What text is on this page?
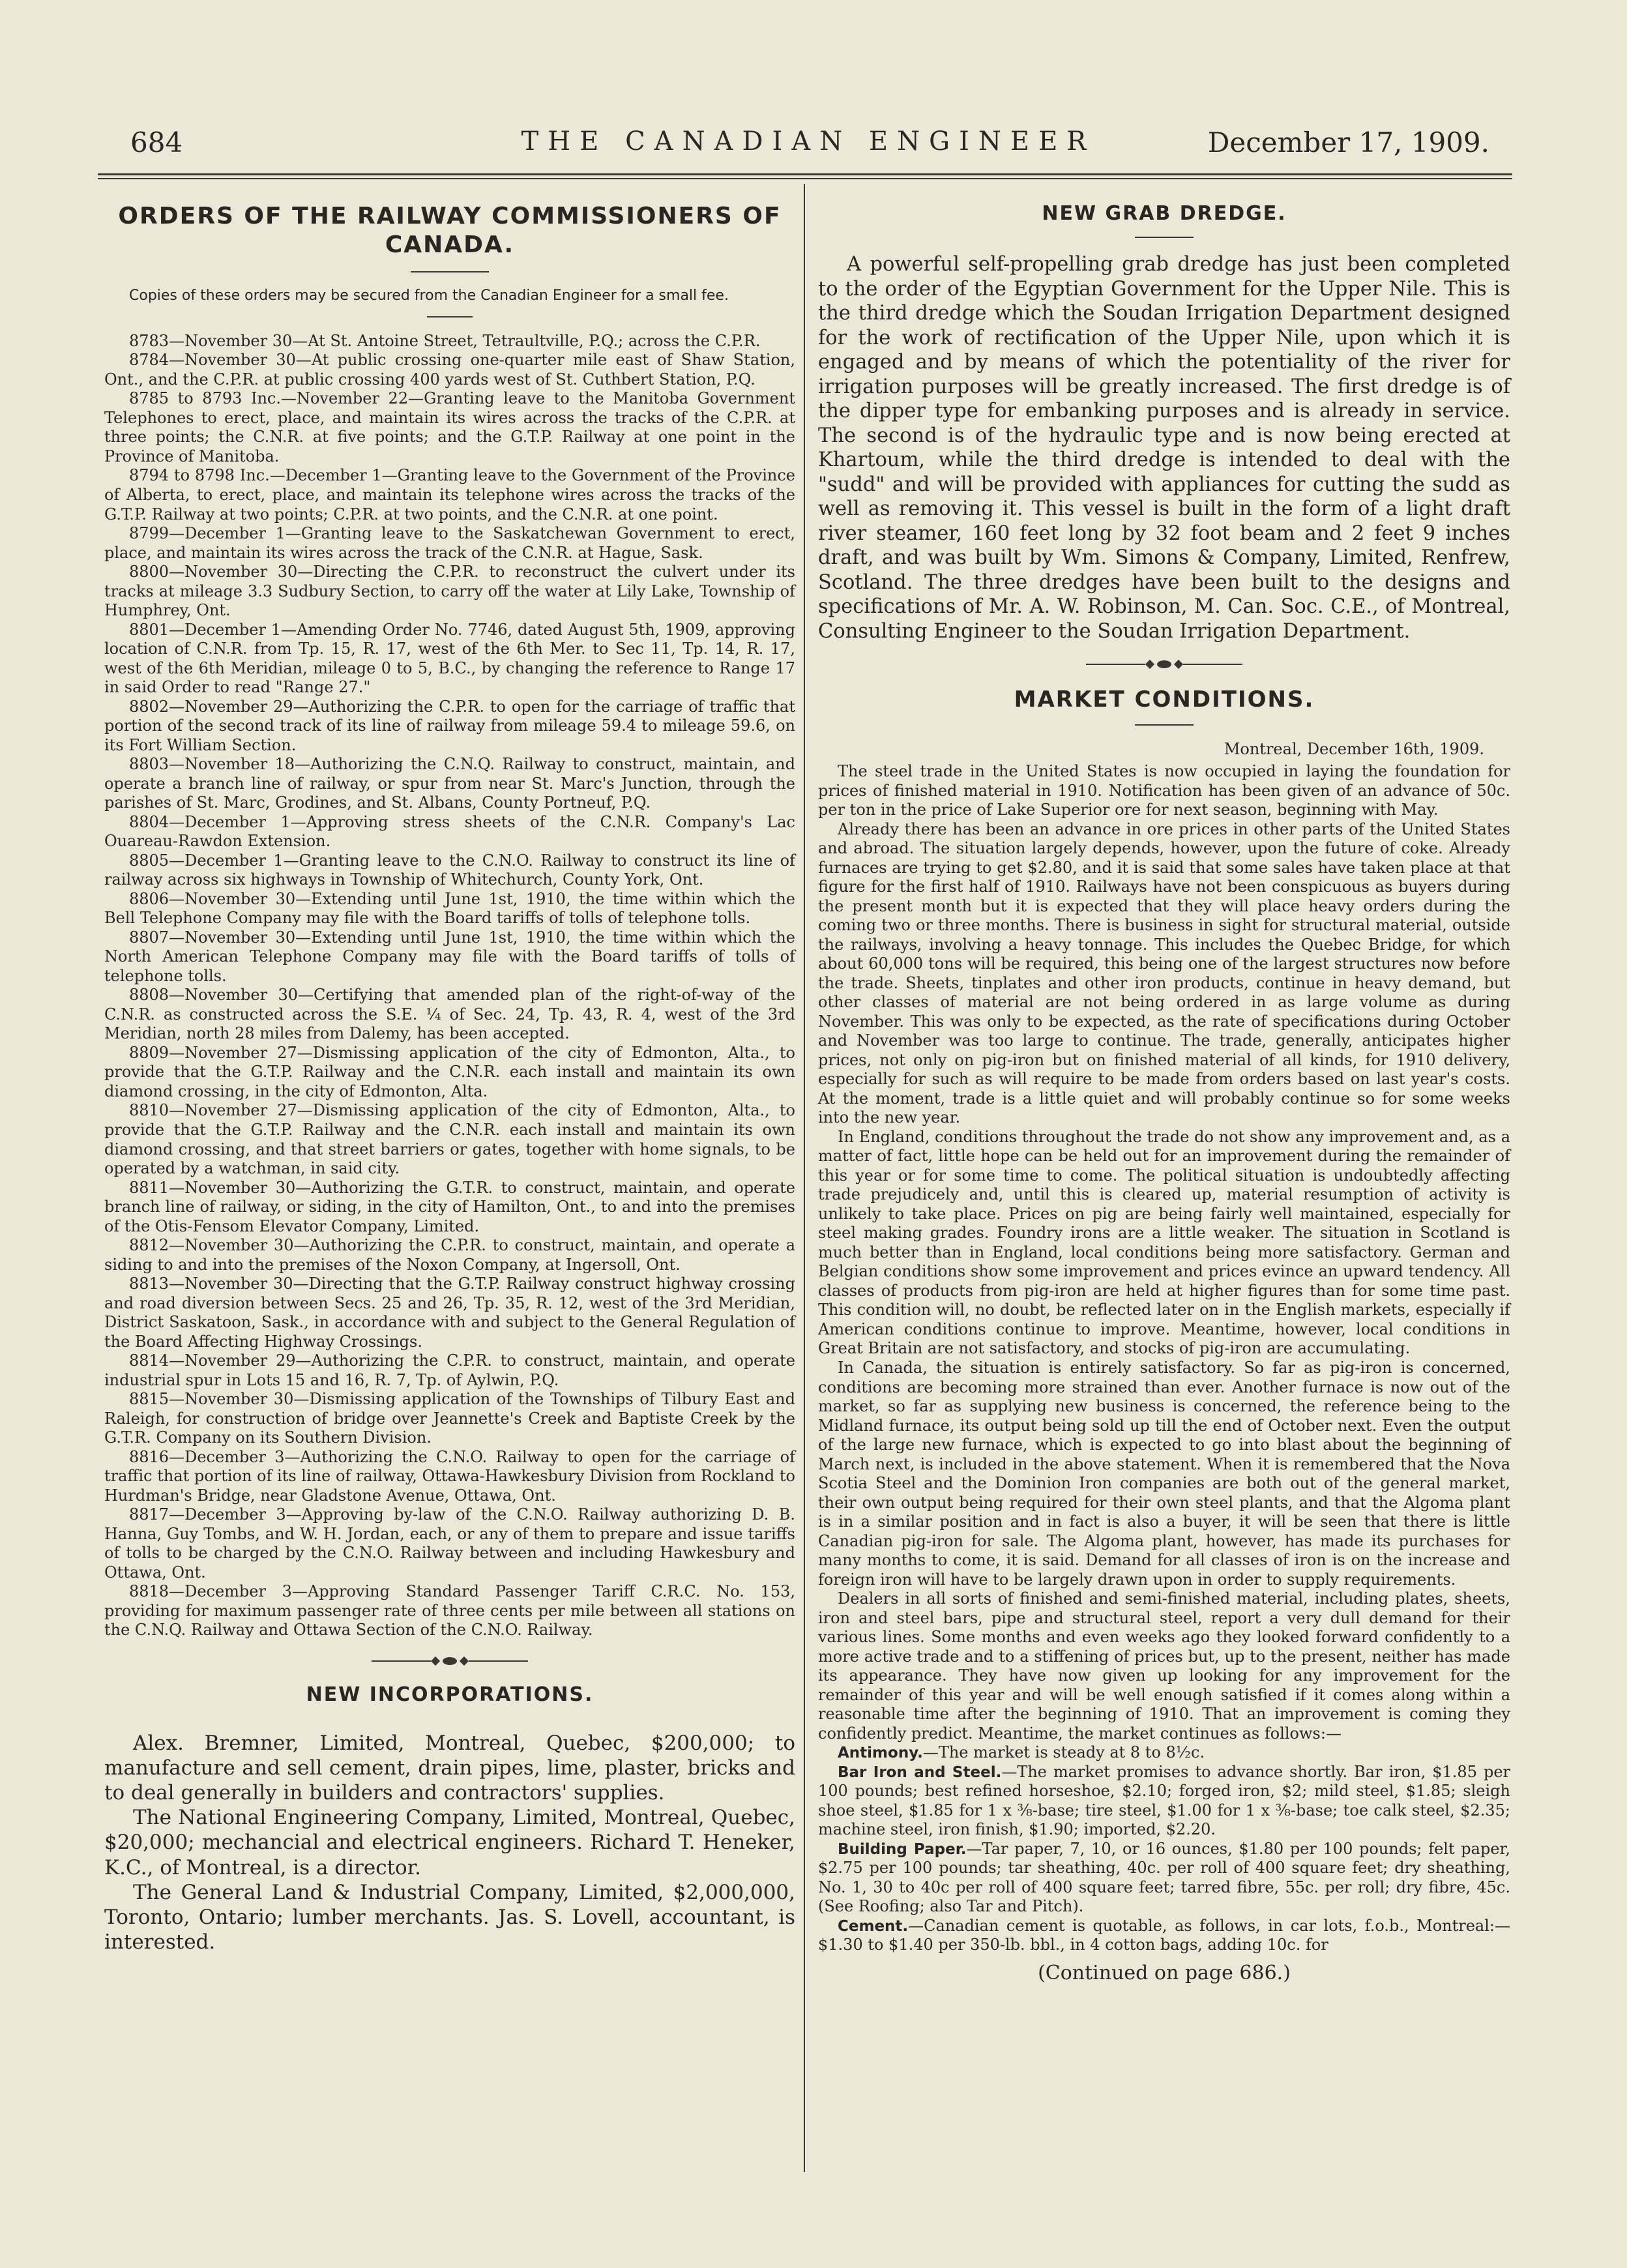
684	THE CANADIAN ENGINEER	December 17, 1909.
ORDERS OF THE RAILWAY COMMISSIONERS OF CANADA.

Copies of these orders may be secured from the Canadian Engineer for a small fee.

8783—November 30—At St. Antoine Street, Tetraultville, P.Q.; across the C.P.R.

8784—November 30—At public crossing one-quarter mile east of Shaw Station, Ont., and the C.P.R. at public crossing 400 yards west of St. Cuthbert Station, P.Q.

8785 to 8793 Inc.—November 22—Granting leave to the Manitoba Government Telephones to erect, place, and maintain its wires across the tracks of the C.P.R. at three points; the C.N.R. at five points; and the G.T.P. Railway at one point in the Province of Manitoba.

8794 to 8798 Inc.—December 1—Granting leave to the Government of the Province of Alberta, to erect, place, and maintain its telephone wires across the tracks of the G.T.P. Railway at two points; C.P.R. at two points, and the C.N.R. at one point.

8799—December 1—Granting leave to the Saskatchewan Government to erect, place, and maintain its wires across the track of the C.N.R. at Hague, Sask.

8800—November 30—Directing the C.P.R. to reconstruct the culvert under its tracks at mileage 3.3 Sudbury Section, to carry off the water at Lily Lake, Township of Humphrey, Ont.

8801—December 1—Amending Order No. 7746, dated August 5th, 1909, approving location of C.N.R. from Tp. 15, R. 17, west of the 6th Mer. to Sec 11, Tp. 14, R. 17, west of the 6th Meridian, mileage 0 to 5, B.C., by changing the reference to Range 17 in said Order to read "Range 27."

8802—November 29—Authorizing the C.P.R. to open for the carriage of traffic that portion of the second track of its line of railway from mileage 59.4 to mileage 59.6, on its Fort William Section.

8803—November 18—Authorizing the C.N.Q. Railway to construct, maintain, and operate a branch line of railway, or spur from near St. Marc's Junction, through the parishes of St. Marc, Grodines, and St. Albans, County Portneuf, P.Q.

8804—December 1—Approving stress sheets of the C.N.R. Company's Lac Ouareau-Rawdon Extension.

8805—December 1—Granting leave to the C.N.O. Railway to construct its line of railway across six highways in Township of Whitechurch, County York, Ont.

8806—November 30—Extending until June 1st, 1910, the time within which the Bell Telephone Company may file with the Board tariffs of tolls of telephone tolls.

8807—November 30—Extending until June 1st, 1910, the time within which the North American Telephone Company may file with the Board tariffs of tolls of telephone tolls.

8808—November 30—Certifying that amended plan of the right-of-way of the C.N.R. as constructed across the S.E. ¼ of Sec. 24, Tp. 43, R. 4, west of the 3rd Meridian, north 28 miles from Dalemy, has been accepted.

8809—November 27—Dismissing application of the city of Edmonton, Alta., to provide that the G.T.P. Railway and the C.N.R. each install and maintain its own diamond crossing, in the city of Edmonton, Alta.

8810—November 27—Dismissing application of the city of Edmonton, Alta., to provide that the G.T.P. Railway and the C.N.R. each install and maintain its own diamond crossing, and that street barriers or gates, together with home signals, to be operated by a watchman, in said city.

8811—November 30—Authorizing the G.T.R. to construct, maintain, and operate branch line of railway, or siding, in the city of Hamilton, Ont., to and into the premises of the Otis-Fensom Elevator Company, Limited.

8812—November 30—Authorizing the C.P.R. to construct, maintain, and operate a siding to and into the premises of the Noxon Company, at Ingersoll, Ont.

8813—November 30—Directing that the G.T.P. Railway construct highway crossing and road diversion between Secs. 25 and 26, Tp. 35, R. 12, west of the 3rd Meridian, District Saskatoon, Sask., in accordance with and subject to the General Regulation of the Board Affecting Highway Crossings.

8814—November 29—Authorizing the C.P.R. to construct, maintain, and operate industrial spur in Lots 15 and 16, R. 7, Tp. of Aylwin, P.Q.

8815—November 30—Dismissing application of the Townships of Tilbury East and Raleigh, for construction of bridge over Jeannette's Creek and Baptiste Creek by the G.T.R. Company on its Southern Division.

8816—December 3—Authorizing the C.N.O. Railway to open for the carriage of traffic that portion of its line of railway, Ottawa-Hawkesbury Division from Rockland to Hurdman's Bridge, near Gladstone Avenue, Ottawa, Ont.

8817—December 3—Approving by-law of the C.N.O. Railway authorizing D. B. Hanna, Guy Tombs, and W. H. Jordan, each, or any of them to prepare and issue tariffs of tolls to be charged by the C.N.O. Railway between and including Hawkesbury and Ottawa, Ont.

8818—December 3—Approving Standard Passenger Tariff C.R.C. No. 153, providing for maximum passenger rate of three cents per mile between all stations on the C.N.Q. Railway and Ottawa Section of the C.N.O. Railway.

NEW INCORPORATIONS.

Alex. Bremner, Limited, Montreal, Quebec, $200,000; to manufacture and sell cement, drain pipes, lime, plaster, bricks and to deal generally in builders and contractors' supplies.

The National Engineering Company, Limited, Montreal, Quebec, $20,000; mechancial and electrical engineers. Richard T. Heneker, K.C., of Montreal, is a director.

The General Land & Industrial Company, Limited, $2,000,000, Toronto, Ontario; lumber merchants. Jas. S. Lovell, accountant, is interested.

NEW GRAB DREDGE.

A powerful self-propelling grab dredge has just been completed to the order of the Egyptian Government for the Upper Nile. This is the third dredge which the Soudan Irrigation Department designed for the work of rectification of the Upper Nile, upon which it is engaged and by means of which the potentiality of the river for irrigation purposes will be greatly increased. The first dredge is of the dipper type for embanking purposes and is already in service. The second is of the hydraulic type and is now being erected at Khartoum, while the third dredge is intended to deal with the "sudd" and will be provided with appliances for cutting the sudd as well as removing it. This vessel is built in the form of a light draft river steamer, 160 feet long by 32 foot beam and 2 feet 9 inches draft, and was built by Wm. Simons & Company, Limited, Renfrew, Scotland. The three dredges have been built to the designs and specifications of Mr. A. W. Robinson, M. Can. Soc. C.E., of Montreal, Consulting Engineer to the Soudan Irrigation Department.

MARKET CONDITIONS.

Montreal, December 16th, 1909.

The steel trade in the United States is now occupied in laying the foundation for prices of finished material in 1910. Notification has been given of an advance of 50c. per ton in the price of Lake Superior ore for next season, beginning with May.

Already there has been an advance in ore prices in other parts of the United States and abroad. The situation largely depends, however, upon the future of coke. Already furnaces are trying to get $2.80, and it is said that some sales have taken place at that figure for the first half of 1910. Railways have not been conspicuous as buyers during the present month but it is expected that they will place heavy orders during the coming two or three months. There is business in sight for structural material, outside the railways, involving a heavy tonnage. This includes the Quebec Bridge, for which about 60,000 tons will be required, this being one of the largest structures now before the trade. Sheets, tinplates and other iron products, continue in heavy demand, but other classes of material are not being ordered in as large volume as during November. This was only to be expected, as the rate of specifications during October and November was too large to continue. The trade, generally, anticipates higher prices, not only on pig-iron but on finished material of all kinds, for 1910 delivery, especially for such as will require to be made from orders based on last year's costs. At the moment, trade is a little quiet and will probably continue so for some weeks into the new year.

In England, conditions throughout the trade do not show any improvement and, as a matter of fact, little hope can be held out for an improvement during the remainder of this year or for some time to come. The political situation is undoubtedly affecting trade prejudicely and, until this is cleared up, material resumption of activity is unlikely to take place. Prices on pig are being fairly well maintained, especially for steel making grades. Foundry irons are a little weaker. The situation in Scotland is much better than in England, local conditions being more satisfactory. German and Belgian conditions show some improvement and prices evince an upward tendency. All classes of products from pig-iron are held at higher figures than for some time past. This condition will, no doubt, be reflected later on in the English markets, especially if American conditions continue to improve. Meantime, however, local conditions in Great Britain are not satisfactory, and stocks of pig-iron are accumulating.

In Canada, the situation is entirely satisfactory. So far as pig-iron is concerned, conditions are becoming more strained than ever. Another furnace is now out of the market, so far as supplying new business is concerned, the reference being to the Midland furnace, its output being sold up till the end of October next. Even the output of the large new furnace, which is expected to go into blast about the beginning of March next, is included in the above statement. When it is remembered that the Nova Scotia Steel and the Dominion Iron companies are both out of the general market, their own output being required for their own steel plants, and that the Algoma plant is in a similar position and in fact is also a buyer, it will be seen that there is little Canadian pig-iron for sale. The Algoma plant, however, has made its purchases for many months to come, it is said. Demand for all classes of iron is on the increase and foreign iron will have to be largely drawn upon in order to supply requirements.

Dealers in all sorts of finished and semi-finished material, including plates, sheets, iron and steel bars, pipe and structural steel, report a very dull demand for their various lines. Some months and even weeks ago they looked forward confidently to a more active trade and to a stiffening of prices but, up to the present, neither has made its appearance. They have now given up looking for any improvement for the remainder of this year and will be well enough satisfied if it comes along within a reasonable time after the beginning of 1910. That an improvement is coming they confidently predict. Meantime, the market continues as follows:—

Antimony.—The market is steady at 8 to 8½c.

Bar Iron and Steel.—The market promises to advance shortly. Bar iron, $1.85 per 100 pounds; best refined horseshoe, $2.10; forged iron, $2; mild steel, $1.85; sleigh shoe steel, $1.85 for 1 x ⅜-base; tire steel, $1.00 for 1 x ⅜-base; toe calk steel, $2.35; machine steel, iron finish, $1.90; imported, $2.20.

Building Paper.—Tar paper, 7, 10, or 16 ounces, $1.80 per 100 pounds; felt paper, $2.75 per 100 pounds; tar sheathing, 40c. per roll of 400 square feet; dry sheathing, No. 1, 30 to 40c per roll of 400 square feet; tarred fibre, 55c. per roll; dry fibre, 45c. (See Roofing; also Tar and Pitch).

Cement.—Canadian cement is quotable, as follows, in car lots, f.o.b., Montreal:—$1.30 to $1.40 per 350-lb. bbl., in 4 cotton bags, adding 10c. for

(Continued on page 686.)
